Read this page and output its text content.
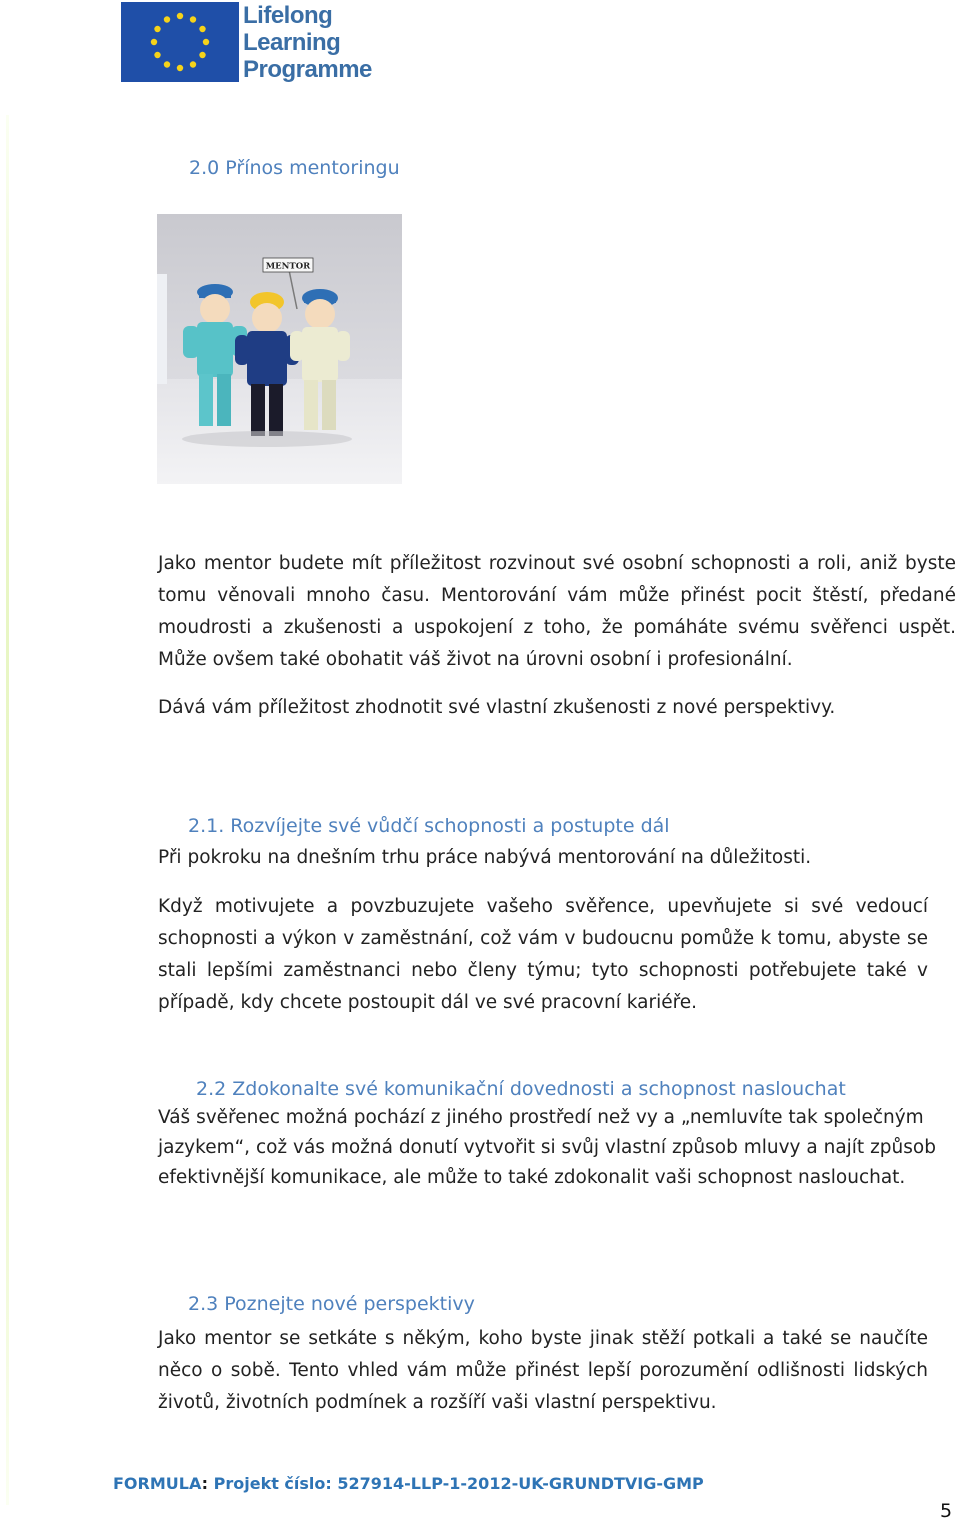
Lifelong
Learning
Programme
2.0 Přínos mentoringu
MENTOR

Jako mentor budete mít příležitost rozvinout své osobní schopnosti a roli, aniž byste tomu věnovali mnoho času. Mentorování vám může přinést pocit štěstí, předané moudrosti a zkušenosti a uspokojení z toho, že pomáháte svému svěřenci uspět. Může ovšem také obohatit váš život na úrovni osobní i profesionální.

Dává vám příležitost zhodnotit své vlastní zkušenosti z nové perspektivy.

2.1. Rozvíjejte své vůdčí schopnosti a postupte dál

Při pokroku na dnešním trhu práce nabývá mentorování na důležitosti.

Když motivujete a povzbuzujete vašeho svěřence, upevňujete si své vedoucí schopnosti a výkon v zaměstnání, což vám v budoucnu pomůže k tomu, abyste se stali lepšími zaměstnanci nebo členy týmu; tyto schopnosti potřebujete také v případě, kdy chcete postoupit dál ve své pracovní kariéře.

2.2 Zdokonalte své komunikační dovednosti a schopnost naslouchat

Váš svěřenec možná pochází z jiného prostředí než vy a „nemluvíte tak společným jazykem“, což vás možná donutí vytvořit si svůj vlastní způsob mluvy a najít způsob efektivnější komunikace, ale může to také zdokonalit vaši schopnost naslouchat.

2.3 Poznejte nové perspektivy

Jako mentor se setkáte s někým, koho byste jinak stěží potkali a také se naučíte něco o sobě. Tento vhled vám může přinést lepší porozumění odlišnosti lidských životů, životních podmínek a rozšíří vaši vlastní perspektivu.

FORMULA: Projekt číslo: 527914-LLP-1-2012-UK-GRUNDTVIG-GMP
5
